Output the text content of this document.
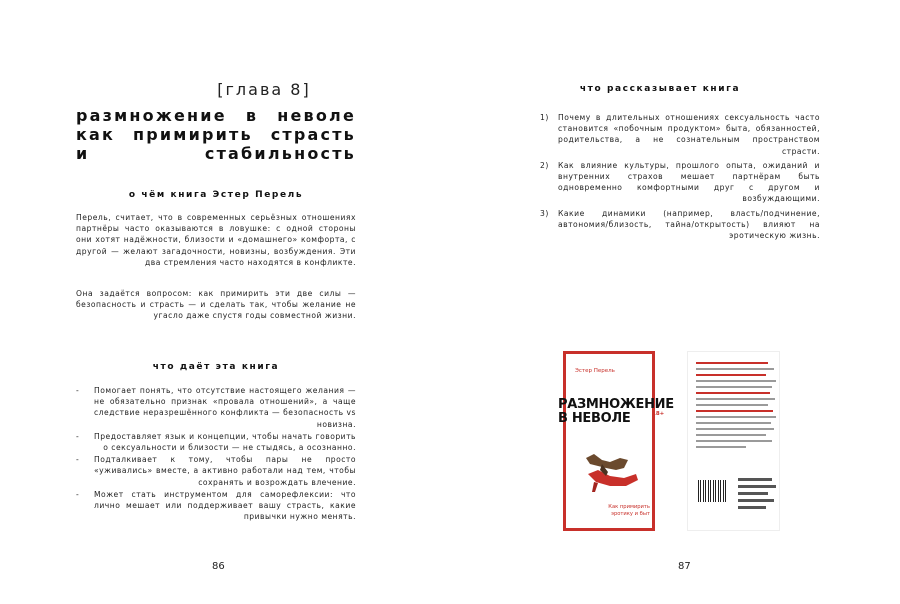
[глава 8]
размножение в неволе
как примирить страсть
и стабильность
о чём книга Эстер Перель

Перель, считает, что в современных серьёзных отношениях партнёры часто оказываются в ловушке: с одной стороны они хотят надёжности, близости и «домашнего» комфорта, с другой — желают загадочности, новизны, возбуждения. Эти два стремления часто находятся в конфликте.

Она задаётся вопросом: как примирить эти две силы — безопасность и страсть — и сделать так, чтобы желание не угасло даже спустя годы совместной жизни.

что даёт эта книга
- Помогает понять, что отсутствие настоящего желания — не обязательно признак «провала отношений», а чаще следствие неразрешённого конфликта — безопасность vs новизна.
- Предоставляет язык и концепции, чтобы начать говорить о сексуальности и близости — не стыдясь, а осознанно.
- Подталкивает к тому, чтобы пары не просто «уживались» вместе, а активно работали над тем, чтобы сохранять и возрождать влечение.
- Может стать инструментом для саморефлексии: что лично мешает или поддерживает вашу страсть, какие привычки нужно менять.
86
что рассказывает книга
1) Почему в длительных отношениях сексуальность часто становится «побочным продуктом» быта, обязанностей, родительства, а не сознательным пространством страсти.
2) Как влияние культуры, прошлого опыта, ожиданий и внутренних страхов мешает партнёрам быть одновременно комфортными друг с другом и возбуждающими.
3) Какие динамики (например, власть/подчинение, автономия/близость, тайна/открытость) влияют на эротическую жизнь.
87
Эстер Перель
РАЗМНОЖЕНИЕ
В НЕВОЛЕ	18+
Как примирить эротику и быт
